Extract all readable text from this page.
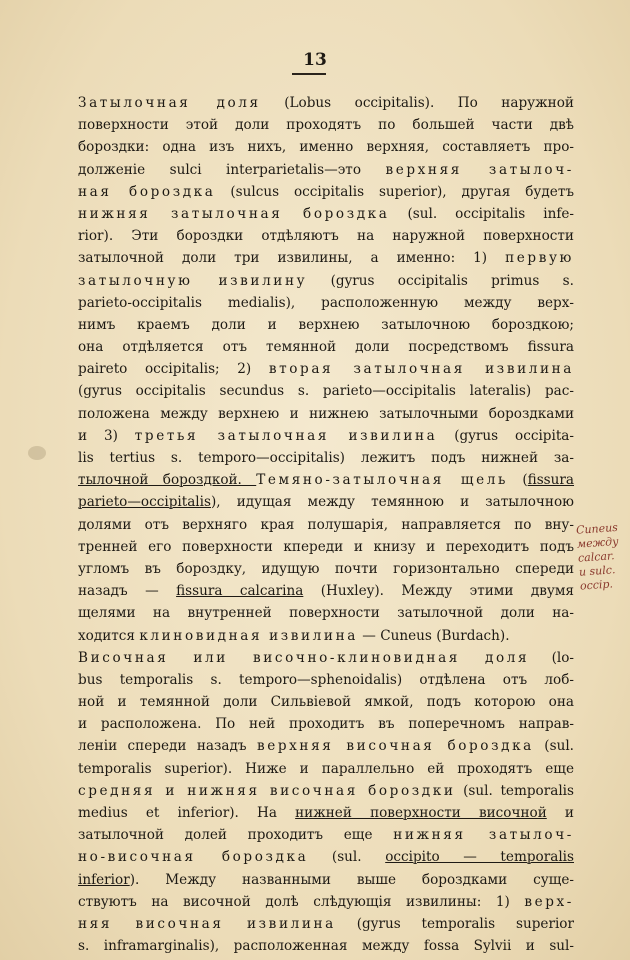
13
Затылочная доля (Lobus occipitalis). По наружной
поверхности этой доли проходятъ по большей части двѣ
бороздки: одна изъ нихъ, именно верхняя, составляетъ про-
долженіе sulci interparietalis—это верхняя затылоч-
ная бороздка (sulcus occipitalis superior), другая будетъ
нижняя затылочная бороздка (sul. occipitalis infe-
rior). Эти бороздки отдѣляютъ на наружной поверхности
затылочной доли три извилины, а именно: 1) первую
затылочную извилину (gyrus occipitalis primus s.
parieto-occipitalis medialis), расположенную между верх-
нимъ краемъ доли и верхнею затылочною бороздкою;
она отдѣляется отъ темянной доли посредствомъ fissura
paireto occipitalis; 2) вторая затылочная извилина
(gyrus occipitalis secundus s. parieto—occipitalis lateralis) рас-
положена между верхнею и нижнею затылочными бороздками
и 3) третья затылочная извилина (gyrus occipita-
lis tertius s. temporo—occipitalis) лежитъ подъ нижней за-
тылочной бороздкой. Темяно-затылочная щель (fissura
parieto—occipitalis), идущая между темянною и затылочною
долями отъ верхняго края полушарія, направляется по вну-
тренней его поверхности кпереди и книзу и переходитъ подъ
угломъ въ бороздку, идущую почти горизонтально спереди
назадъ — fissura calcarina (Huxley). Между этими двумя
щелями на внутренней поверхности затылочной доли на-
ходится клиновидная извилина — Cuneus (Burdach).
Височная или височно-клиновидная доля (lo-
bus temporalis s. temporo—sphenoidalis) отдѣлена отъ лоб-
ной и темянной доли Сильвіевой ямкой, подъ которою она
и расположена. По ней проходитъ въ поперечномъ направ-
леніи спереди назадъ верхняя височная бороздка (sul.
temporalis superior). Ниже и параллельно ей проходятъ еще
средняя и нижняя височная бороздки (sul. temporalis
medius et inferior). На нижней поверхности височной и
затылочной долей проходитъ еще нижняя затылоч-
но-височная бороздка (sul. occipito — temporalis
inferior). Между названными выше бороздками суще-
ствуютъ на височной долѣ слѣдующія извилины: 1) верх-
няя височная извилина (gyrus temporalis superior
s. inframarginalis), расположенная между fossa Sylvii и sul-
Cuneus
между
calcar.
и sulc.
occip.
